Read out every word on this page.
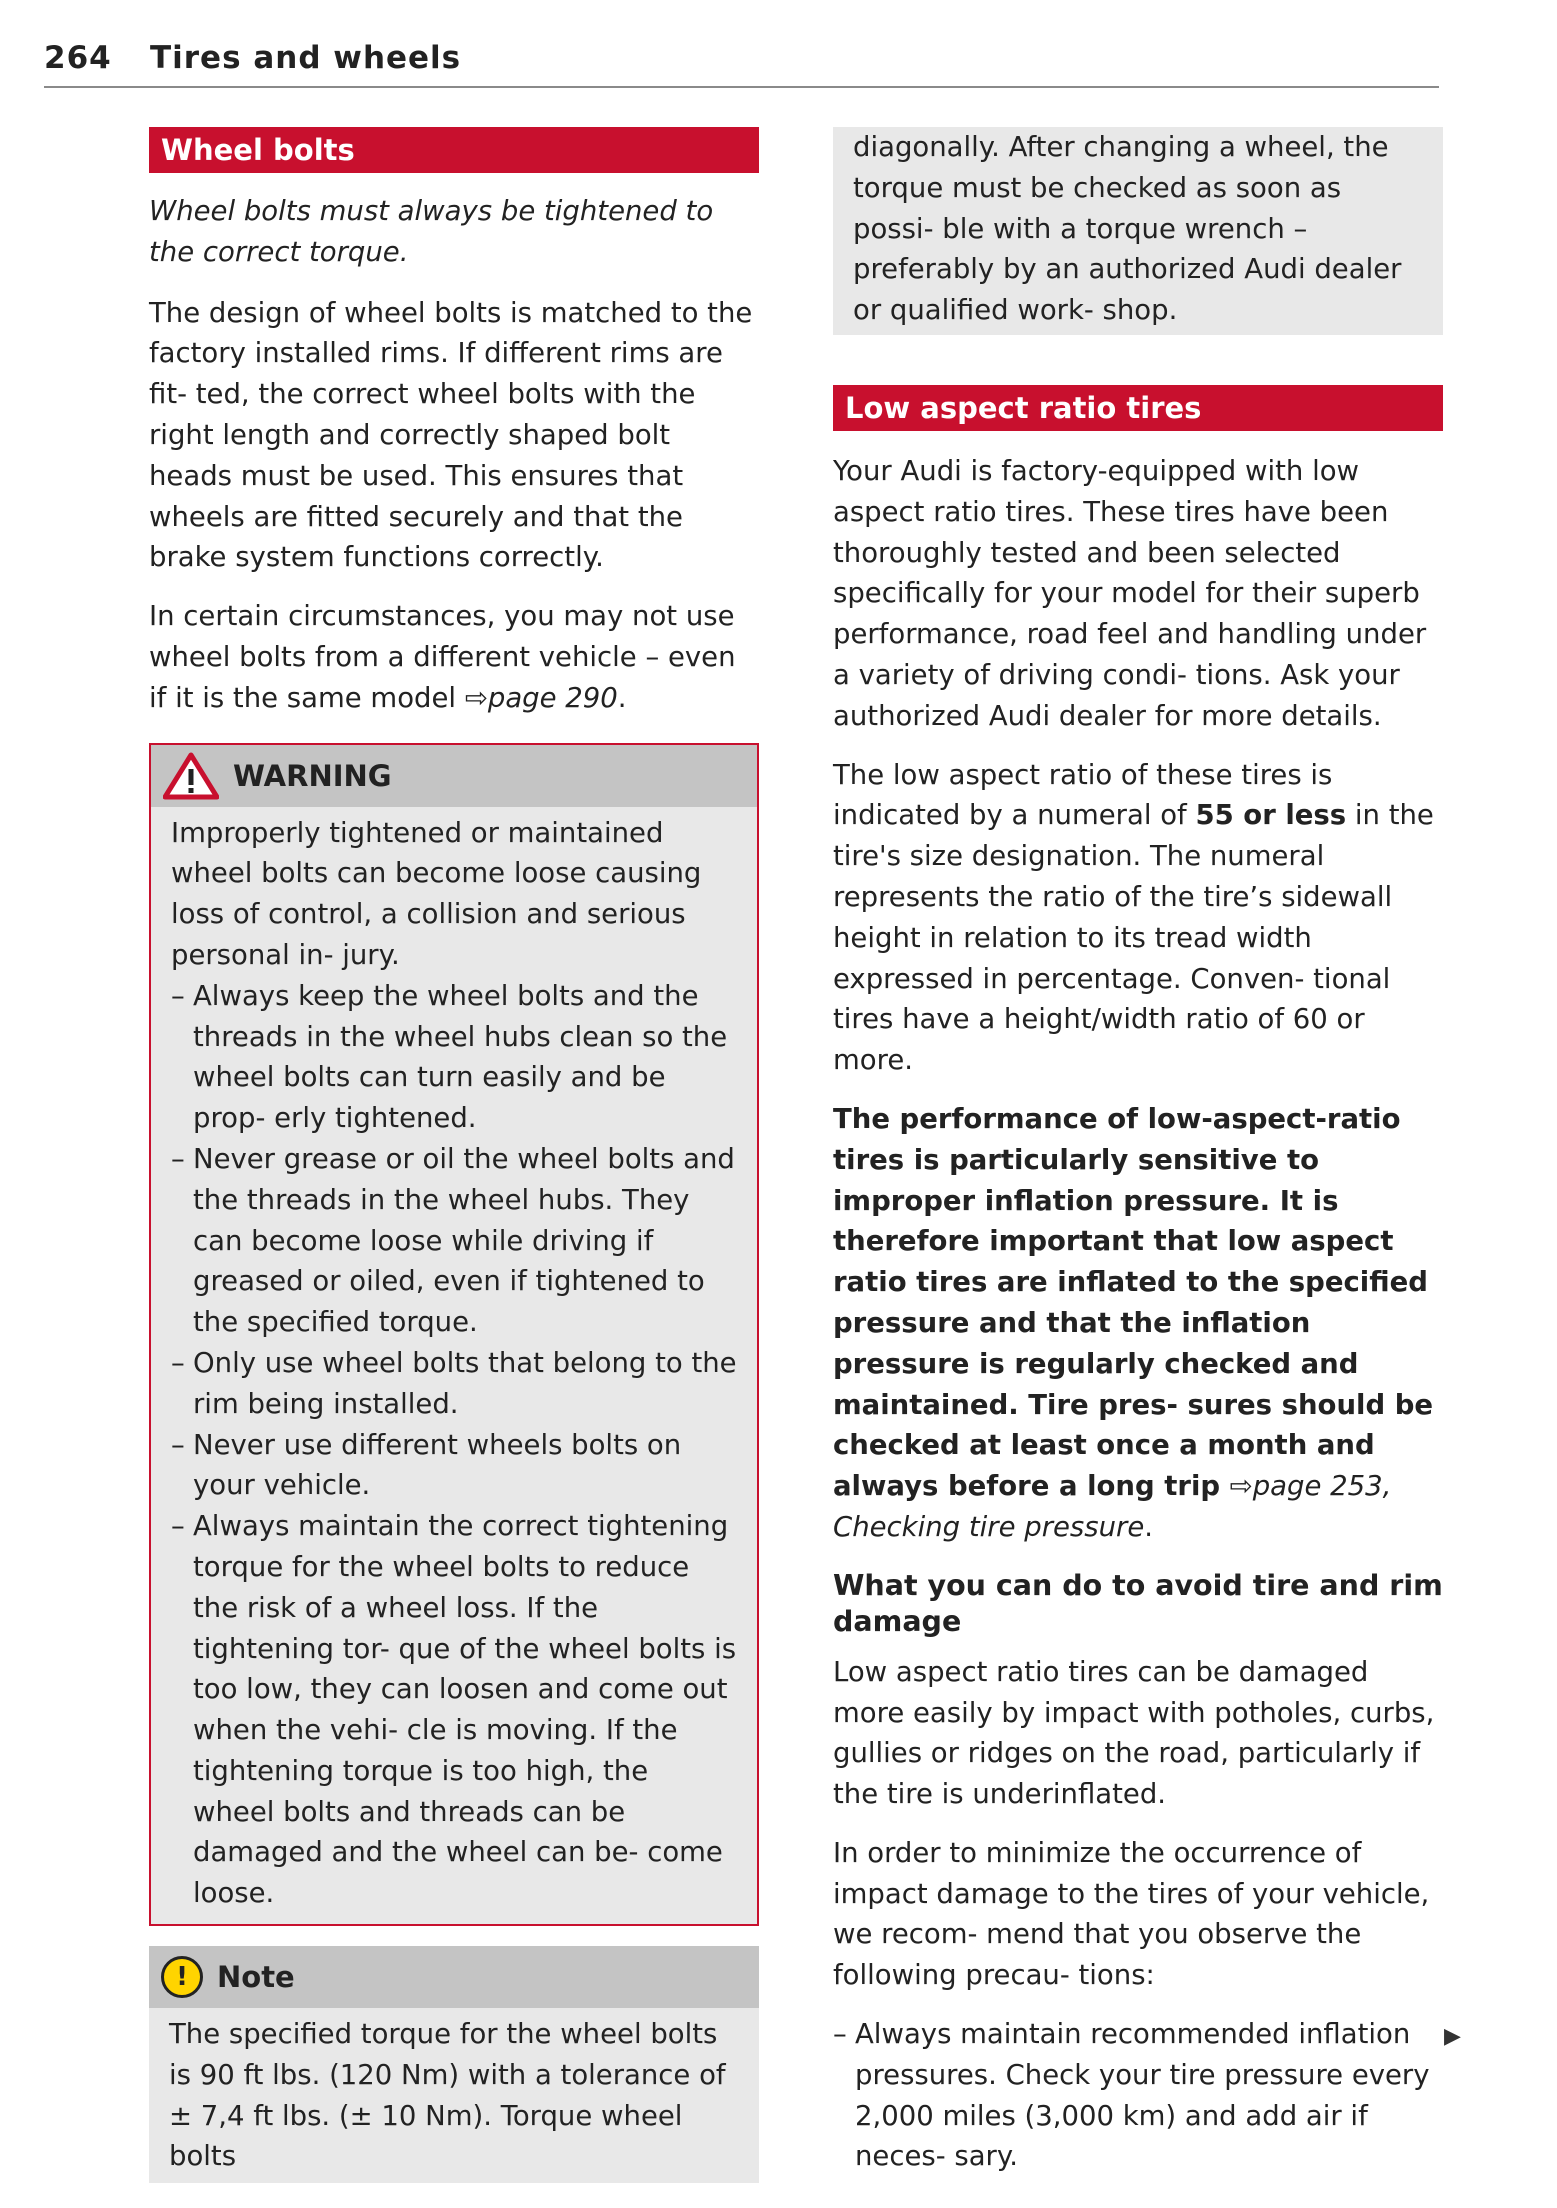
264 Tires and wheels
Wheel bolts

Wheel bolts must always be tightened to the correct torque.

The design of wheel bolts is matched to the factory installed rims. If different rims are fit- ted, the correct wheel bolts with the right length and correctly shaped bolt heads must be used. This ensures that wheels are fitted securely and that the brake system functions correctly.

In certain circumstances, you may not use wheel bolts from a different vehicle – even if it is the same model ⇨page 290.

WARNING

Improperly tightened or maintained wheel bolts can become loose causing loss of control, a collision and serious personal in- jury.

– Always keep the wheel bolts and the threads in the wheel hubs clean so the wheel bolts can turn easily and be prop- erly tightened.
– Never grease or oil the wheel bolts and the threads in the wheel hubs. They can become loose while driving if greased or oiled, even if tightened to the specified torque.
– Only use wheel bolts that belong to the rim being installed.
– Never use different wheels bolts on your vehicle.
– Always maintain the correct tightening torque for the wheel bolts to reduce the risk of a wheel loss. If the tightening tor- que of the wheel bolts is too low, they can loosen and come out when the vehi- cle is moving. If the tightening torque is too high, the wheel bolts and threads can be damaged and the wheel can be- come loose.
!	Note

The specified torque for the wheel bolts is 90 ft lbs. (120 Nm) with a tolerance of ± 7,4 ft lbs. (± 10 Nm). Torque wheel bolts

diagonally. After changing a wheel, the torque must be checked as soon as possi- ble with a torque wrench – preferably by an authorized Audi dealer or qualified work- shop.

Low aspect ratio tires

Your Audi is factory-equipped with low aspect ratio tires. These tires have been thoroughly tested and been selected specifically for your model for their superb performance, road feel and handling under a variety of driving condi- tions. Ask your authorized Audi dealer for more details.

The low aspect ratio of these tires is indicated by a numeral of 55 or less in the tire's size designation. The numeral represents the ratio of the tire’s sidewall height in relation to its tread width expressed in percentage. Conven- tional tires have a height/width ratio of 60 or more.

The performance of low-aspect-ratio tires is particularly sensitive to improper inflation pressure. It is therefore important that low aspect ratio tires are inflated to the specified pressure and that the inflation pressure is regularly checked and maintained. Tire pres- sures should be checked at least once a month and always before a long trip ⇨page 253, Checking tire pressure.

What you can do to avoid tire and rim damage

Low aspect ratio tires can be damaged more easily by impact with potholes, curbs, gullies or ridges on the road, particularly if the tire is underinflated.

In order to minimize the occurrence of impact damage to the tires of your vehicle, we recom- mend that you observe the following precau- tions:

– Always maintain recommended inflation pressures. Check your tire pressure every 2,000 miles (3,000 km) and add air if neces- sary.
▶
